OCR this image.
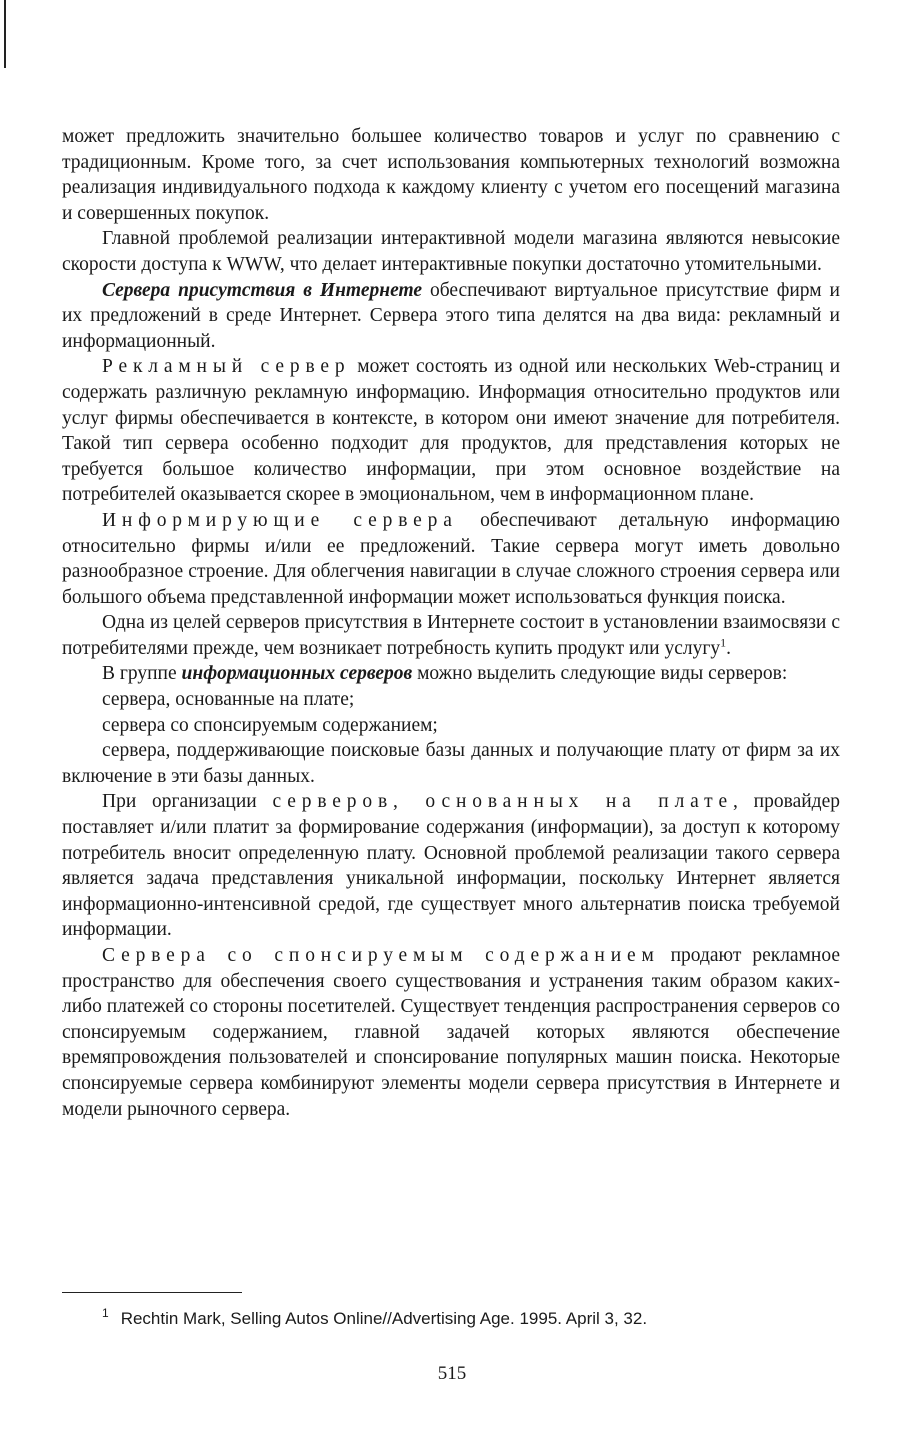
может предложить значительно большее количество товаров и услуг по сравнению с традиционным. Кроме того, за счет использования компьютерных технологий возможна реализация индивидуального подхода к каждому клиенту с учетом его посещений магазина и совершенных покупок.

Главной проблемой реализации интерактивной модели магазина являются невысокие скорости доступа к WWW, что делает интерактивные покупки достаточно утомительными.

Сервера присутствия в Интернете обеспечивают виртуальное присутствие фирм и их предложений в среде Интернет. Сервера этого типа делятся на два вида: рекламный и информационный.

Рекламный сервер может состоять из одной или нескольких Web-страниц и содержать различную рекламную информацию. Информация относительно продуктов или услуг фирмы обеспечивается в контексте, в котором они имеют значение для потребителя. Такой тип сервера особенно подходит для продуктов, для представления которых не требуется большое количество информации, при этом основное воздействие на потребителей оказывается скорее в эмоциональном, чем в информационном плане.

Информирующие сервера обеспечивают детальную информацию относительно фирмы и/или ее предложений. Такие сервера могут иметь довольно разнообразное строение. Для облегчения навигации в случае сложного строения сервера или большого объема представленной информации может использоваться функция поиска.

Одна из целей серверов присутствия в Интернете состоит в установлении взаимосвязи с потребителями прежде, чем возникает потребность купить продукт или услугу$^1$.

В группе информационных серверов можно выделить следующие виды серверов:

сервера, основанные на плате;

сервера со спонсируемым содержанием;

сервера, поддерживающие поисковые базы данных и получающие плату от фирм за их включение в эти базы данных.

При организации серверов, основанных на плате, провайдер поставляет и/или платит за формирование содержания (информации), за доступ к которому потребитель вносит определенную плату. Основной проблемой реализации такого сервера является задача представления уникальной информации, поскольку Интернет является информационно-интенсивной средой, где существует много альтернатив поиска требуемой информации.

Сервера со спонсируемым содержанием продают рекламное пространство для обеспечения своего существования и устранения таким образом каких-либо платежей со стороны посетителей. Существует тенденция распространения серверов со спонсируемым содержанием, главной задачей которых являются обеспечение времяпровождения пользователей и спонсирование популярных машин поиска. Некоторые спонсируемые сервера комбинируют элементы модели сервера присутствия в Интернете и модели рыночного сервера.

$^1$ Rechtin Mark, Selling Autos Online//Advertising Age. 1995. April 3, 32.
515
